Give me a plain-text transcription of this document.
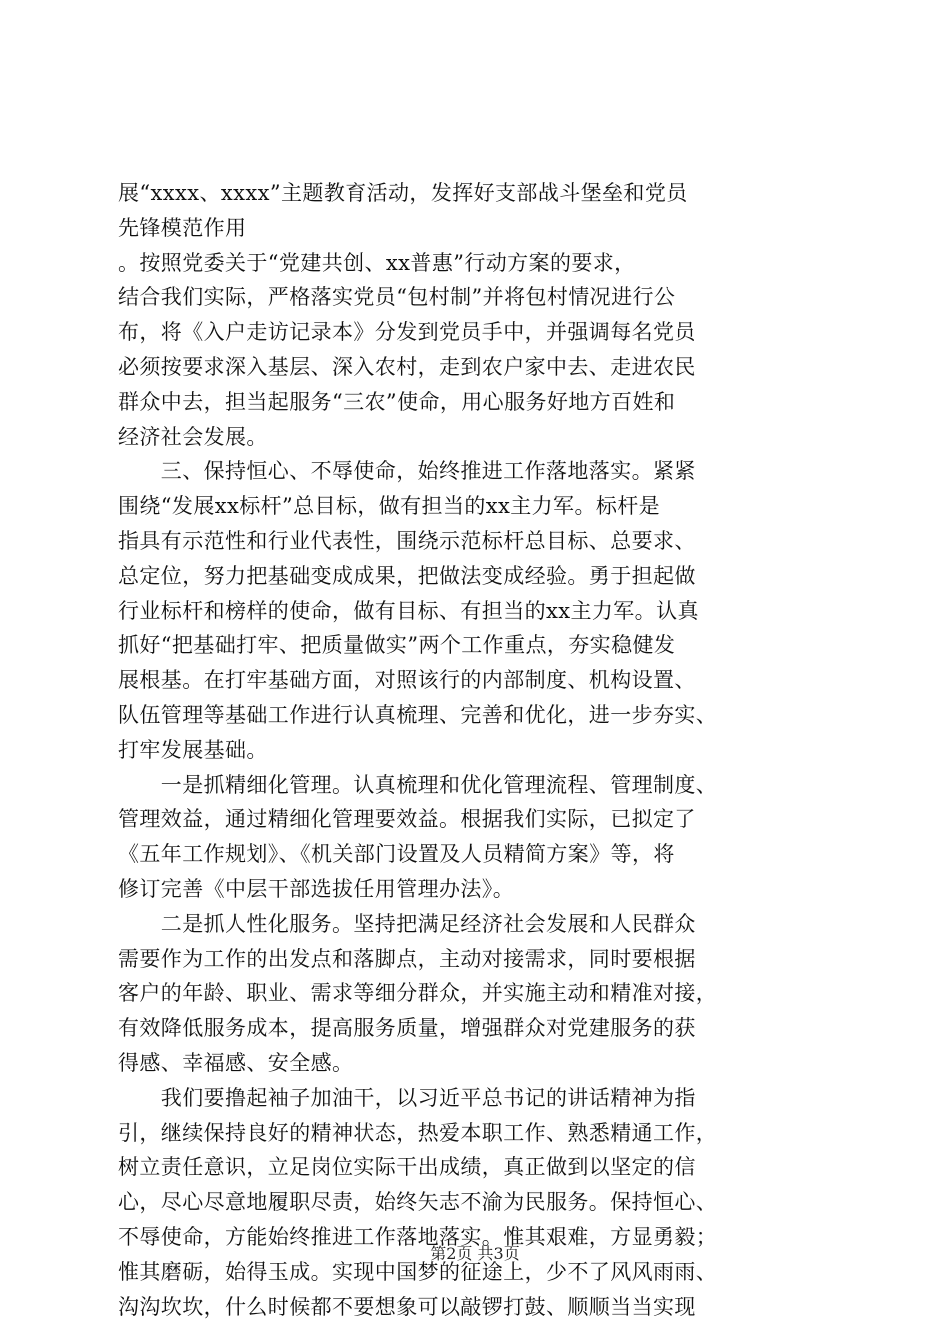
展“xxxx、xxxx”主题教育活动，发挥好支部战斗堡垒和党员
先锋模范作用
。按照党委关于“党建共创、xx普惠”行动方案的要求，
结合我们实际，严格落实党员“包村制”并将包村情况进行公
布，将《入户走访记录本》分发到党员手中，并强调每名党员
必须按要求深入基层、深入农村，走到农户家中去、走进农民
群众中去，担当起服务“三农”使命，用心服务好地方百姓和
经济社会发展。
　　三、保持恒心、不辱使命，始终推进工作落地落实。紧紧
围绕“发展xx标杆”总目标，做有担当的xx主力军。标杆是
指具有示范性和行业代表性，围绕示范标杆总目标、总要求、
总定位，努力把基础变成成果，把做法变成经验。勇于担起做
行业标杆和榜样的使命，做有目标、有担当的xx主力军。认真
抓好“把基础打牢、把质量做实”两个工作重点，夯实稳健发
展根基。在打牢基础方面，对照该行的内部制度、机构设置、
队伍管理等基础工作进行认真梳理、完善和优化，进一步夯实、
打牢发展基础。
　　一是抓精细化管理。认真梳理和优化管理流程、管理制度、
管理效益，通过精细化管理要效益。根据我们实际，已拟定了
《五年工作规划》、《机关部门设置及人员精简方案》等，将
修订完善《中层干部选拔任用管理办法》。
　　二是抓人性化服务。坚持把满足经济社会发展和人民群众
需要作为工作的出发点和落脚点，主动对接需求，同时要根据
客户的年龄、职业、需求等细分群众，并实施主动和精准对接，
有效降低服务成本，提高服务质量，增强群众对党建服务的获
得感、幸福感、安全感。
　　我们要撸起袖子加油干，以习近平总书记的讲话精神为指
引，继续保持良好的精神状态，热爱本职工作、熟悉精通工作，
树立责任意识，立足岗位实际干出成绩，真正做到以坚定的信
心，尽心尽意地履职尽责，始终矢志不渝为民服务。保持恒心、
不辱使命，方能始终推进工作落地落实。惟其艰难，方显勇毅；
惟其磨砺，始得玉成。实现中国梦的征途上，少不了风风雨雨、
沟沟坎坎，什么时候都不要想象可以敲锣打鼓、顺顺当当实现
第2页 共3页
